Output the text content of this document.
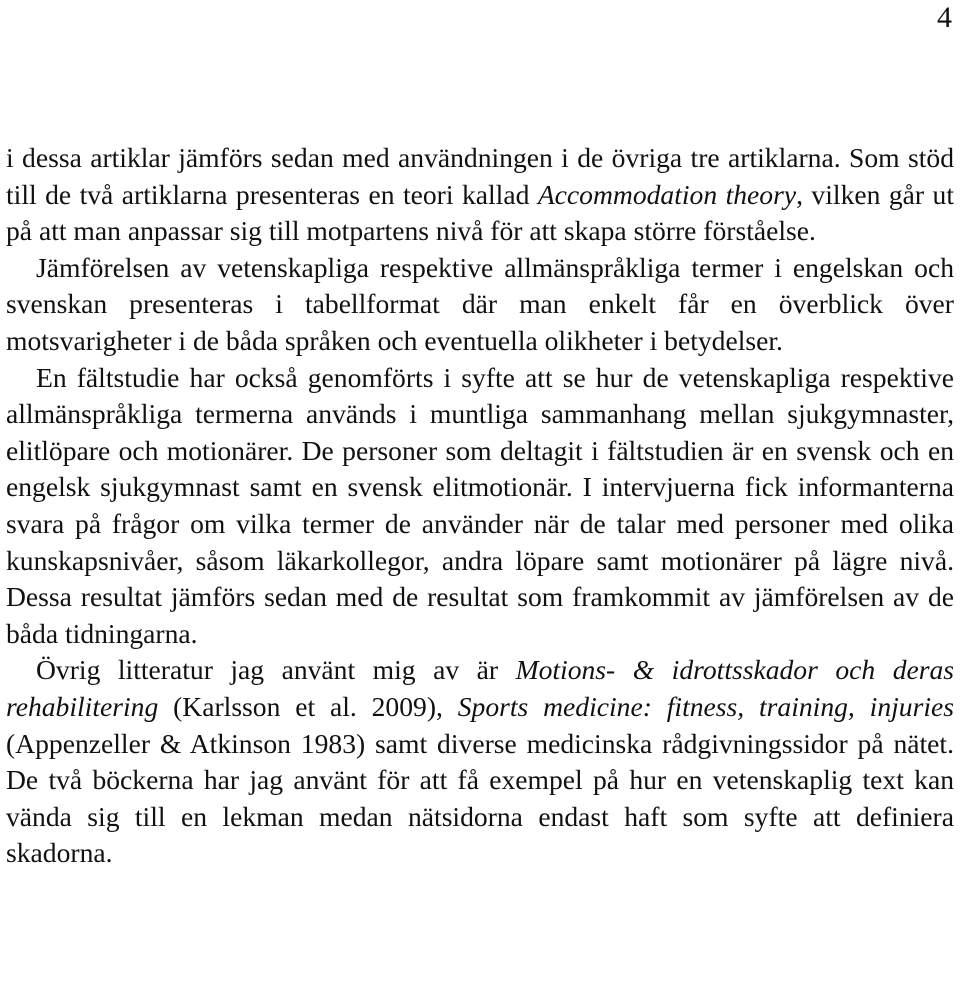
4

i dessa artiklar jämförs sedan med användningen i de övriga tre artiklarna. Som stöd till de två artiklarna presenteras en teori kallad Accommodation theory, vilken går ut på att man anpassar sig till motpartens nivå för att skapa större förståelse.

Jämförelsen av vetenskapliga respektive allmänspråkliga termer i engelskan och svenskan presenteras i tabellformat där man enkelt får en överblick över motsvarigheter i de båda språken och eventuella olikheter i betydelser.

En fältstudie har också genomförts i syfte att se hur de vetenskapliga respektive allmänspråkliga termerna används i muntliga sammanhang mellan sjukgymnaster, elitlöpare och motionärer. De personer som deltagit i fältstudien är en svensk och en engelsk sjukgymnast samt en svensk elitmotionär. I intervjuerna fick informanterna svara på frågor om vilka termer de använder när de talar med personer med olika kunskapsnivåer, såsom läkarkollegor, andra löpare samt motionärer på lägre nivå. Dessa resultat jämförs sedan med de resultat som framkommit av jämförelsen av de båda tidningarna.

Övrig litteratur jag använt mig av är Motions- & idrottsskador och deras rehabilitering (Karlsson et al. 2009), Sports medicine: fitness, training, injuries (Appenzeller & Atkinson 1983) samt diverse medicinska rådgivningssidor på nätet. De två böckerna har jag använt för att få exempel på hur en vetenskaplig text kan vända sig till en lekman medan nätsidorna endast haft som syfte att definiera skadorna.
